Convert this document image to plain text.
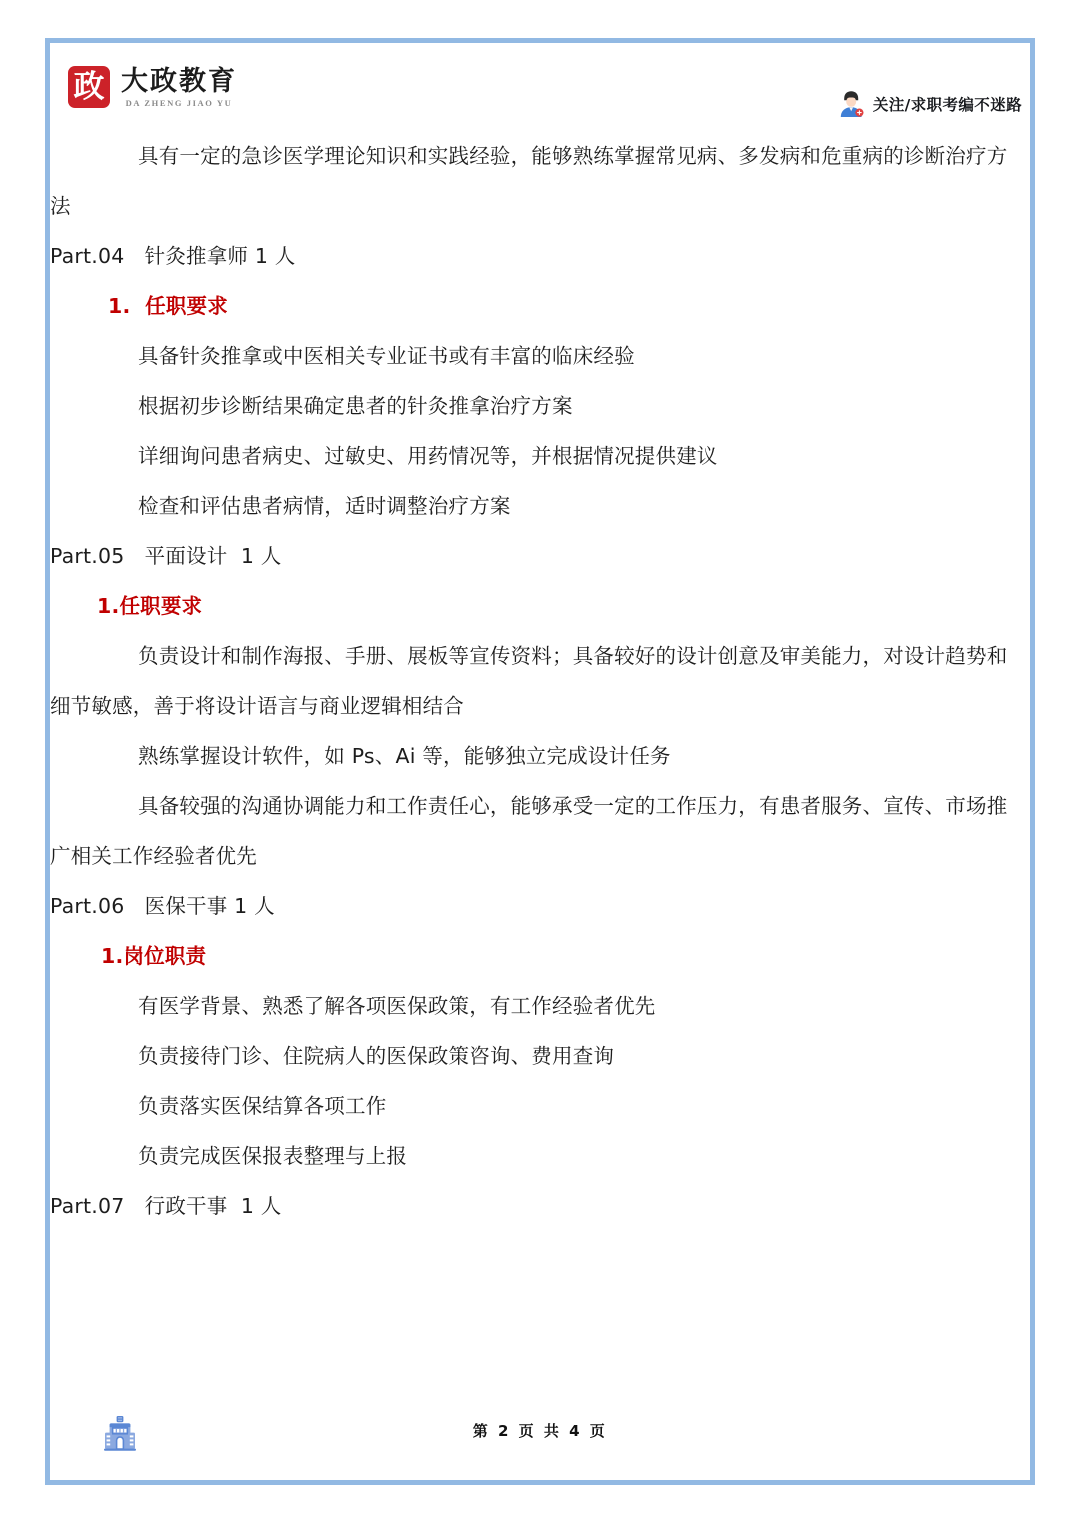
政 大政教育
DA ZHENG JIAO YU	关注/求职考编不迷路

具有一定的急诊医学理论知识和实践经验，能够熟练掌握常见病、多发病和危重病的诊断治疗方法

Part.04   针灸推拿师 1 人

1.  任职要求

具备针灸推拿或中医相关专业证书或有丰富的临床经验

根据初步诊断结果确定患者的针灸推拿治疗方案

详细询问患者病史、过敏史、用药情况等，并根据情况提供建议

检查和评估患者病情，适时调整治疗方案

Part.05   平面设计  1 人

1.任职要求

负责设计和制作海报、手册、展板等宣传资料；具备较好的设计创意及审美能力，对设计趋势和细节敏感，善于将设计语言与商业逻辑相结合

熟练掌握设计软件，如 Ps、Ai 等，能够独立完成设计任务

具备较强的沟通协调能力和工作责任心，能够承受一定的工作压力，有患者服务、宣传、市场推广相关工作经验者优先

Part.06   医保干事 1 人

1.岗位职责

有医学背景、熟悉了解各项医保政策，有工作经验者优先

负责接待门诊、住院病人的医保政策咨询、费用查询

负责落实医保结算各项工作

负责完成医保报表整理与上报

Part.07   行政干事  1 人

第 2 页 共 4 页
